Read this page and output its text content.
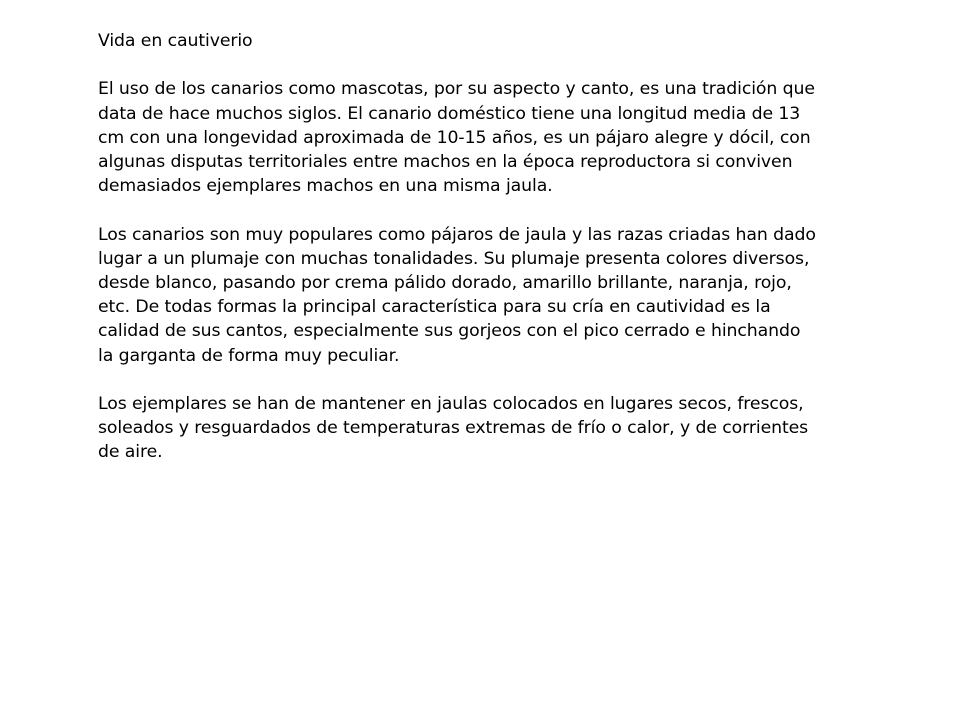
Vida en cautiverio

El uso de los canarios como mascotas, por su aspecto y canto, es una tradición que
data de hace muchos siglos. El canario doméstico tiene una longitud media de 13
cm con una longevidad aproximada de 10-15 años, es un pájaro alegre y dócil, con
algunas disputas territoriales entre machos en la época reproductora si conviven
demasiados ejemplares machos en una misma jaula.

Los canarios son muy populares como pájaros de jaula y las razas criadas han dado
lugar a un plumaje con muchas tonalidades. Su plumaje presenta colores diversos,
desde blanco, pasando por crema pálido dorado, amarillo brillante, naranja, rojo,
etc. De todas formas la principal característica para su cría en cautividad es la
calidad de sus cantos, especialmente sus gorjeos con el pico cerrado e hinchando
la garganta de forma muy peculiar.

Los ejemplares se han de mantener en jaulas colocados en lugares secos, frescos,
soleados y resguardados de temperaturas extremas de frío o calor, y de corrientes
de aire.
